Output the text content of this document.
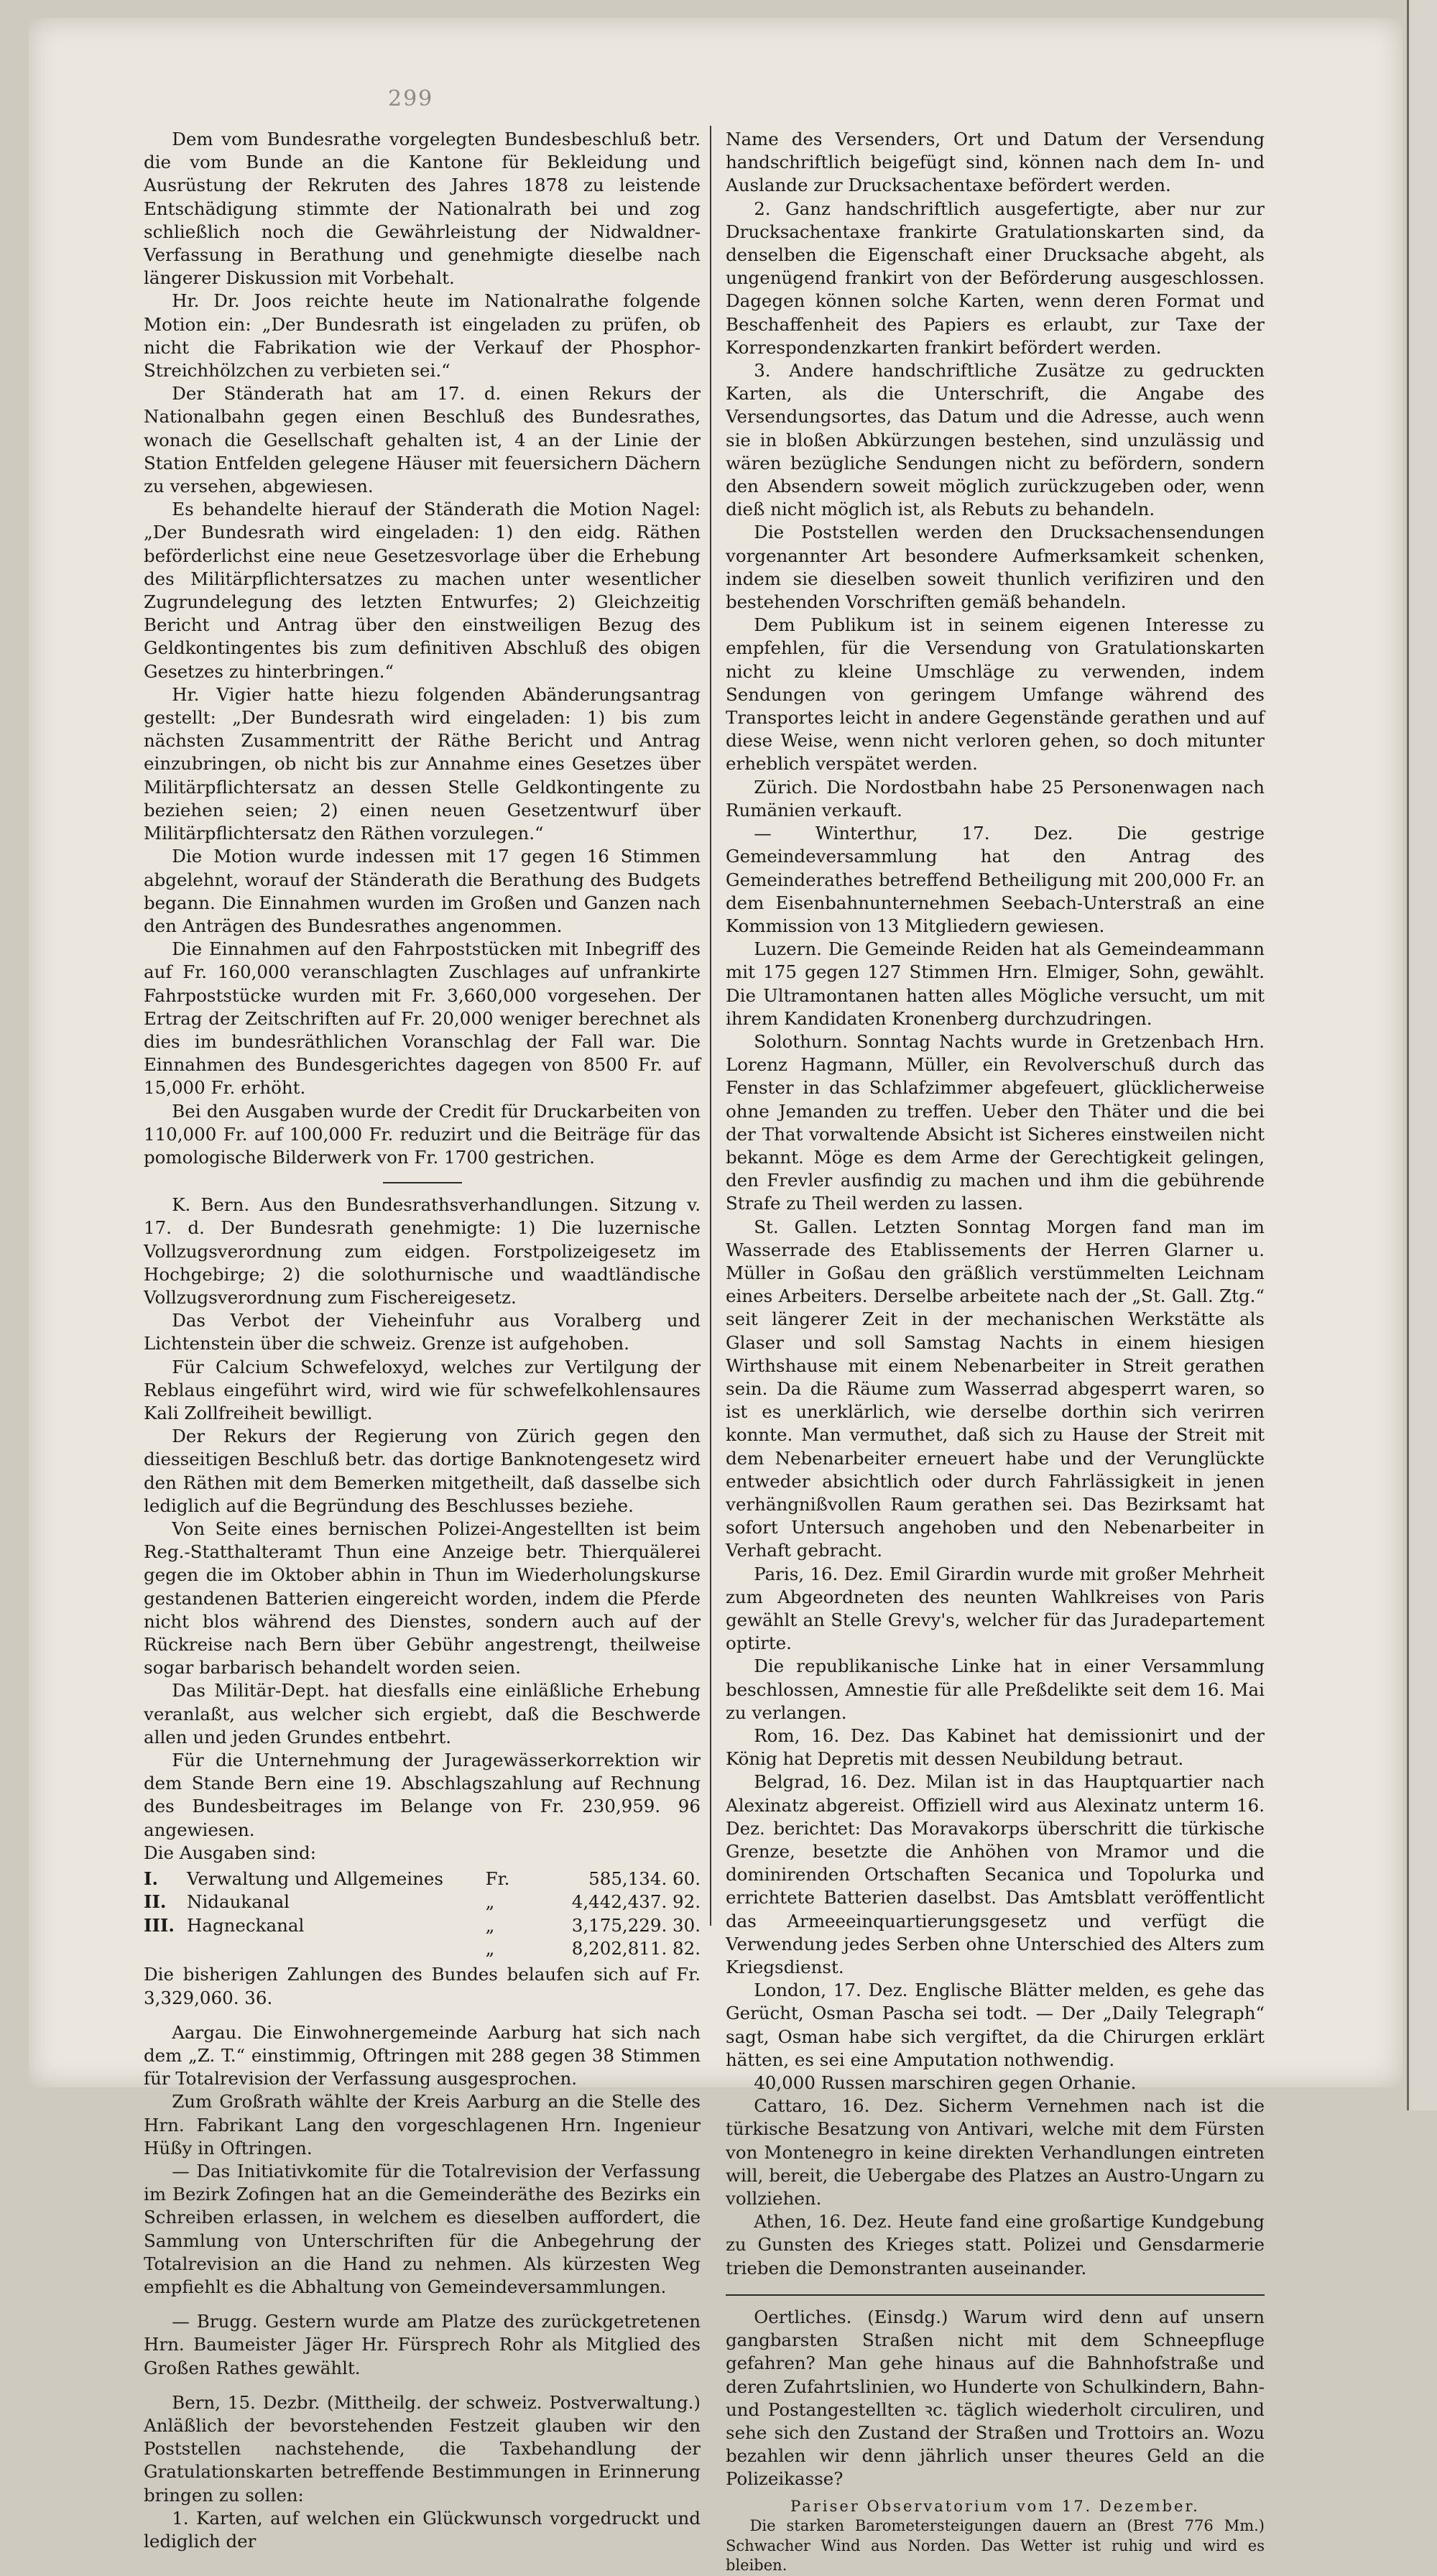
299

Dem vom Bundesrathe vorgelegten Bundesbeschluß betr. die vom Bunde an die Kantone für Bekleidung und Ausrüstung der Rekruten des Jahres 1878 zu leistende Entschädigung stimmte der Nationalrath bei und zog schließlich noch die Gewährleistung der Nidwaldner-Verfassung in Berathung und genehmigte dieselbe nach längerer Diskussion mit Vorbehalt.

Hr. Dr. Joos reichte heute im Nationalrathe folgende Motion ein: „Der Bundesrath ist eingeladen zu prüfen, ob nicht die Fabrikation wie der Verkauf der Phosphor-Streichhölzchen zu verbieten sei.“

Der Ständerath hat am 17. d. einen Rekurs der Nationalbahn gegen einen Beschluß des Bundesrathes, wonach die Gesellschaft gehalten ist, 4 an der Linie der Station Entfelden gelegene Häuser mit feuersichern Dächern zu versehen, abgewiesen.

Es behandelte hierauf der Ständerath die Motion Nagel: „Der Bundesrath wird eingeladen: 1) den eidg. Räthen beförderlichst eine neue Gesetzesvorlage über die Erhebung des Militärpflichtersatzes zu machen unter wesentlicher Zugrundelegung des letzten Entwurfes; 2) Gleichzeitig Bericht und Antrag über den einstweiligen Bezug des Geldkontingentes bis zum definitiven Abschluß des obigen Gesetzes zu hinterbringen.“

Hr. Vigier hatte hiezu folgenden Abänderungsantrag gestellt: „Der Bundesrath wird eingeladen: 1) bis zum nächsten Zusammentritt der Räthe Bericht und Antrag einzubringen, ob nicht bis zur Annahme eines Gesetzes über Militärpflichtersatz an dessen Stelle Geldkontingente zu beziehen seien; 2) einen neuen Gesetzentwurf über Militärpflichtersatz den Räthen vorzulegen.“

Die Motion wurde indessen mit 17 gegen 16 Stimmen abgelehnt, worauf der Ständerath die Berathung des Budgets begann. Die Einnahmen wurden im Großen und Ganzen nach den Anträgen des Bundesrathes angenommen.

Die Einnahmen auf den Fahrpoststücken mit Inbegriff des auf Fr. 160,000 veranschlagten Zuschlages auf unfrankirte Fahrpoststücke wurden mit Fr. 3,660,000 vorgesehen. Der Ertrag der Zeitschriften auf Fr. 20,000 weniger berechnet als dies im bundesräthlichen Voranschlag der Fall war. Die Einnahmen des Bundesgerichtes dagegen von 8500 Fr. auf 15,000 Fr. erhöht.

Bei den Ausgaben wurde der Credit für Druckarbeiten von 110,000 Fr. auf 100,000 Fr. reduzirt und die Beiträge für das pomologische Bilderwerk von Fr. 1700 gestrichen.

K. Bern. Aus den Bundesrathsverhandlungen. Sitzung v. 17. d. Der Bundesrath genehmigte: 1) Die luzernische Vollzugsverordnung zum eidgen. Forstpolizeigesetz im Hochgebirge; 2) die solothurnische und waadtländische Vollzugsverordnung zum Fischereigesetz.

Das Verbot der Vieheinfuhr aus Voralberg und Lichtenstein über die schweiz. Grenze ist aufgehoben.

Für Calcium Schwefeloxyd, welches zur Vertilgung der Reblaus eingeführt wird, wird wie für schwefelkohlensaures Kali Zollfreiheit bewilligt.

Der Rekurs der Regierung von Zürich gegen den diesseitigen Beschluß betr. das dortige Banknotengesetz wird den Räthen mit dem Bemerken mitgetheilt, daß dasselbe sich lediglich auf die Begründung des Beschlusses beziehe.

Von Seite eines bernischen Polizei-Angestellten ist beim Reg.-Statthalteramt Thun eine Anzeige betr. Thierquälerei gegen die im Oktober abhin in Thun im Wiederholungskurse gestandenen Batterien eingereicht worden, indem die Pferde nicht blos während des Dienstes, sondern auch auf der Rückreise nach Bern über Gebühr angestrengt, theilweise sogar barbarisch behandelt worden seien.

Das Militär-Dept. hat diesfalls eine einläßliche Erhebung veranlaßt, aus welcher sich ergiebt, daß die Beschwerde allen und jeden Grundes entbehrt.

Für die Unternehmung der Juragewässerkorrektion wir dem Stande Bern eine 19. Abschlagszahlung auf Rechnung des Bundesbeitrages im Belange von Fr. 230,959. 96 angewiesen.

Die Ausgaben sind:

I.	Verwaltung und Allgemeines	Fr.	585,134. 60.
II.	Nidaukanal	„	4,442,437. 92.
III.	Hagneckanal	„	3,175,229. 30.
		„	8,202,811. 82.

Die bisherigen Zahlungen des Bundes belaufen sich auf Fr. 3,329,060. 36.

Aargau. Die Einwohnergemeinde Aarburg hat sich nach dem „Z. T.“ einstimmig, Oftringen mit 288 gegen 38 Stimmen für Totalrevision der Verfassung ausgesprochen.

Zum Großrath wählte der Kreis Aarburg an die Stelle des Hrn. Fabrikant Lang den vorgeschlagenen Hrn. Ingenieur Hüßy in Oftringen.

— Das Initiativkomite für die Totalrevision der Verfassung im Bezirk Zofingen hat an die Gemeinderäthe des Bezirks ein Schreiben erlassen, in welchem es dieselben auffordert, die Sammlung von Unterschriften für die Anbegehrung der Totalrevision an die Hand zu nehmen. Als kürzesten Weg empfiehlt es die Abhaltung von Gemeindeversammlungen.

— Brugg. Gestern wurde am Platze des zurückgetretenen Hrn. Baumeister Jäger Hr. Fürsprech Rohr als Mitglied des Großen Rathes gewählt.

Bern, 15. Dezbr. (Mittheilg. der schweiz. Postverwaltung.) Anläßlich der bevorstehenden Festzeit glauben wir den Poststellen nachstehende, die Taxbehandlung der Gratulationskarten betreffende Bestimmungen in Erinnerung bringen zu sollen:

1. Karten, auf welchen ein Glückwunsch vorgedruckt und lediglich der

Name des Versenders, Ort und Datum der Versendung handschriftlich beigefügt sind, können nach dem In- und Auslande zur Drucksachentaxe befördert werden.

2. Ganz handschriftlich ausgefertigte, aber nur zur Drucksachentaxe frankirte Gratulationskarten sind, da denselben die Eigenschaft einer Drucksache abgeht, als ungenügend frankirt von der Beförderung ausgeschlossen. Dagegen können solche Karten, wenn deren Format und Beschaffenheit des Papiers es erlaubt, zur Taxe der Korrespondenzkarten frankirt befördert werden.

3. Andere handschriftliche Zusätze zu gedruckten Karten, als die Unterschrift, die Angabe des Versendungsortes, das Datum und die Adresse, auch wenn sie in bloßen Abkürzungen bestehen, sind unzulässig und wären bezügliche Sendungen nicht zu befördern, sondern den Absendern soweit möglich zurückzugeben oder, wenn dieß nicht möglich ist, als Rebuts zu behandeln.

Die Poststellen werden den Drucksachensendungen vorgenannter Art besondere Aufmerksamkeit schenken, indem sie dieselben soweit thunlich verifiziren und den bestehenden Vorschriften gemäß behandeln.

Dem Publikum ist in seinem eigenen Interesse zu empfehlen, für die Versendung von Gratulationskarten nicht zu kleine Umschläge zu verwenden, indem Sendungen von geringem Umfange während des Transportes leicht in andere Gegenstände gerathen und auf diese Weise, wenn nicht verloren gehen, so doch mitunter erheblich verspätet werden.

Zürich. Die Nordostbahn habe 25 Personenwagen nach Rumänien verkauft.

— Winterthur, 17. Dez. Die gestrige Gemeindeversammlung hat den Antrag des Gemeinderathes betreffend Betheiligung mit 200,000 Fr. an dem Eisenbahnunternehmen Seebach-Unterstraß an eine Kommission von 13 Mitgliedern gewiesen.

Luzern. Die Gemeinde Reiden hat als Gemeindeammann mit 175 gegen 127 Stimmen Hrn. Elmiger, Sohn, gewählt. Die Ultramontanen hatten alles Mögliche versucht, um mit ihrem Kandidaten Kronenberg durchzudringen.

Solothurn. Sonntag Nachts wurde in Gretzenbach Hrn. Lorenz Hagmann, Müller, ein Revolverschuß durch das Fenster in das Schlafzimmer abgefeuert, glücklicherweise ohne Jemanden zu treffen. Ueber den Thäter und die bei der That vorwaltende Absicht ist Sicheres einstweilen nicht bekannt. Möge es dem Arme der Gerechtigkeit gelingen, den Frevler ausfindig zu machen und ihm die gebührende Strafe zu Theil werden zu lassen.

St. Gallen. Letzten Sonntag Morgen fand man im Wasserrade des Etablissements der Herren Glarner u. Müller in Goßau den gräßlich verstümmelten Leichnam eines Arbeiters. Derselbe arbeitete nach der „St. Gall. Ztg.“ seit längerer Zeit in der mechanischen Werkstätte als Glaser und soll Samstag Nachts in einem hiesigen Wirthshause mit einem Nebenarbeiter in Streit gerathen sein. Da die Räume zum Wasserrad abgesperrt waren, so ist es unerklärlich, wie derselbe dorthin sich verirren konnte. Man vermuthet, daß sich zu Hause der Streit mit dem Nebenarbeiter erneuert habe und der Verunglückte entweder absichtlich oder durch Fahrlässigkeit in jenen verhängnißvollen Raum gerathen sei. Das Bezirksamt hat sofort Untersuch angehoben und den Nebenarbeiter in Verhaft gebracht.

Paris, 16. Dez. Emil Girardin wurde mit großer Mehrheit zum Abgeordneten des neunten Wahlkreises von Paris gewählt an Stelle Grevy's, welcher für das Juradepartement optirte.

Die republikanische Linke hat in einer Versammlung beschlossen, Amnestie für alle Preßdelikte seit dem 16. Mai zu verlangen.

Rom, 16. Dez. Das Kabinet hat demissionirt und der König hat Depretis mit dessen Neubildung betraut.

Belgrad, 16. Dez. Milan ist in das Hauptquartier nach Alexinatz abgereist. Offiziell wird aus Alexinatz unterm 16. Dez. berichtet: Das Moravakorps überschritt die türkische Grenze, besetzte die Anhöhen von Mramor und die dominirenden Ortschaften Secanica und Topolurka und errichtete Batterien daselbst. Das Amtsblatt veröffentlicht das Armeeeinquartierungsgesetz und verfügt die Verwendung jedes Serben ohne Unterschied des Alters zum Kriegsdienst.

London, 17. Dez. Englische Blätter melden, es gehe das Gerücht, Osman Pascha sei todt. — Der „Daily Telegraph“ sagt, Osman habe sich vergiftet, da die Chirurgen erklärt hätten, es sei eine Amputation nothwendig.

40,000 Russen marschiren gegen Orhanie.

Cattaro, 16. Dez. Sicherm Vernehmen nach ist die türkische Besatzung von Antivari, welche mit dem Fürsten von Montenegro in keine direkten Verhandlungen eintreten will, bereit, die Uebergabe des Platzes an Austro-Ungarn zu vollziehen.

Athen, 16. Dez. Heute fand eine großartige Kundgebung zu Gunsten des Krieges statt. Polizei und Gensdarmerie trieben die Demonstranten auseinander.

Oertliches. (Einsdg.) Warum wird denn auf unsern gangbarsten Straßen nicht mit dem Schneepfluge gefahren? Man gehe hinaus auf die Bahnhofstraße und deren Zufahrtslinien, wo Hunderte von Schulkindern, Bahn- und Postangestellten ꝛc. täglich wiederholt circuliren, und sehe sich den Zustand der Straßen und Trottoirs an. Wozu bezahlen wir denn jährlich unser theures Geld an die Polizeikasse?

Pariser Observatorium vom 17. Dezember.

Die starken Barometersteigungen dauern an (Brest 776 Mm.) Schwacher Wind aus Norden. Das Wetter ist ruhig und wird es bleiben.
